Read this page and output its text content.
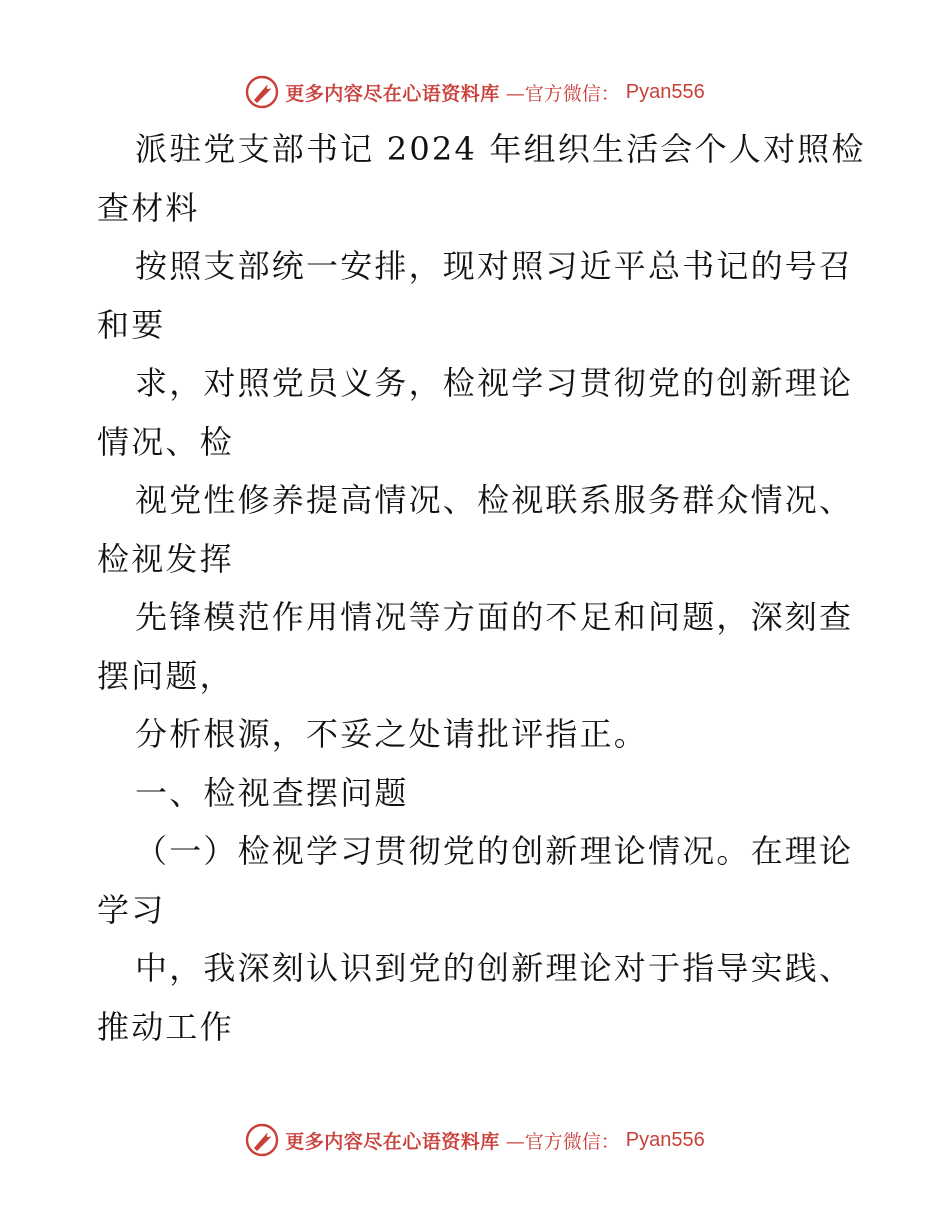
更多内容尽在心语资料库 —官方微信： Pyan556
派驻党支部书记 2024 年组织生活会个人对照检
查材料
按照支部统一安排，现对照习近平总书记的号召
和要
求，对照党员义务，检视学习贯彻党的创新理论
情况、检
视党性修养提高情况、检视联系服务群众情况、
检视发挥
先锋模范作用情况等方面的不足和问题，深刻查
摆问题，
分析根源，不妥之处请批评指正。
一、检视查摆问题
（一）检视学习贯彻党的创新理论情况。在理论
学习
中，我深刻认识到党的创新理论对于指导实践、
推动工作
更多内容尽在心语资料库 —官方微信： Pyan556
